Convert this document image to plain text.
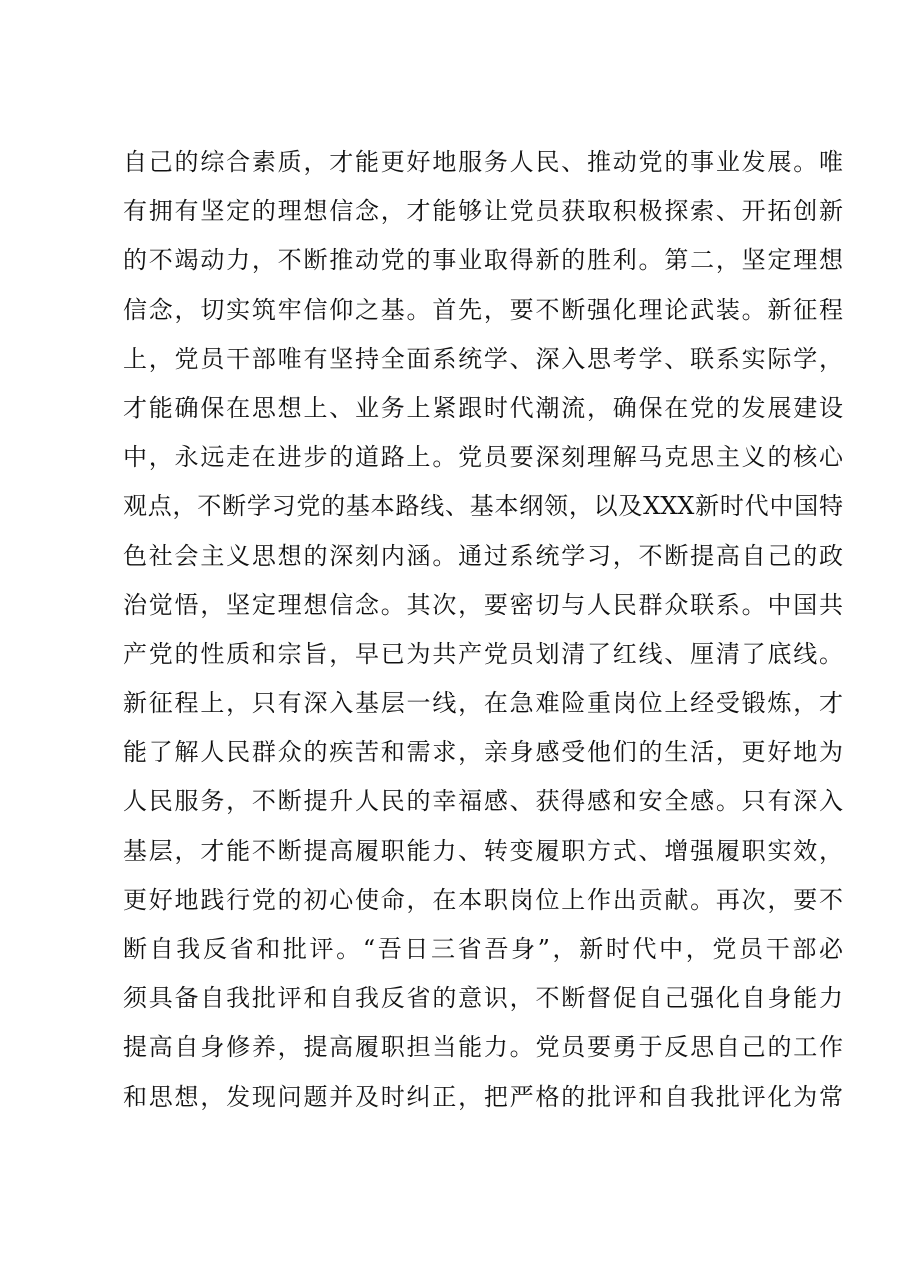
自己的综合素质，才能更好地服务人民、推动党的事业发展。唯
有拥有坚定的理想信念，才能够让党员获取积极探索、开拓创新
的不竭动力，不断推动党的事业取得新的胜利。第二，坚定理想
信念，切实筑牢信仰之基。首先，要不断强化理论武装。新征程
上，党员干部唯有坚持全面系统学、深入思考学、联系实际学，
才能确保在思想上、业务上紧跟时代潮流，确保在党的发展建设
中，永远走在进步的道路上。党员要深刻理解马克思主义的核心
观点，不断学习党的基本路线、基本纲领，以及XXX新时代中国特
色社会主义思想的深刻内涵。通过系统学习，不断提高自己的政
治觉悟，坚定理想信念。其次，要密切与人民群众联系。中国共
产党的性质和宗旨，早已为共产党员划清了红线、厘清了底线。
新征程上，只有深入基层一线，在急难险重岗位上经受锻炼，才
能了解人民群众的疾苦和需求，亲身感受他们的生活，更好地为
人民服务，不断提升人民的幸福感、获得感和安全感。只有深入
基层，才能不断提高履职能力、转变履职方式、增强履职实效，
更好地践行党的初心使命，在本职岗位上作出贡献。再次，要不
断自我反省和批评。“吾日三省吾身”，新时代中，党员干部必
须具备自我批评和自我反省的意识，不断督促自己强化自身能力
提高自身修养，提高履职担当能力。党员要勇于反思自己的工作
和思想，发现问题并及时纠正，把严格的批评和自我批评化为常
